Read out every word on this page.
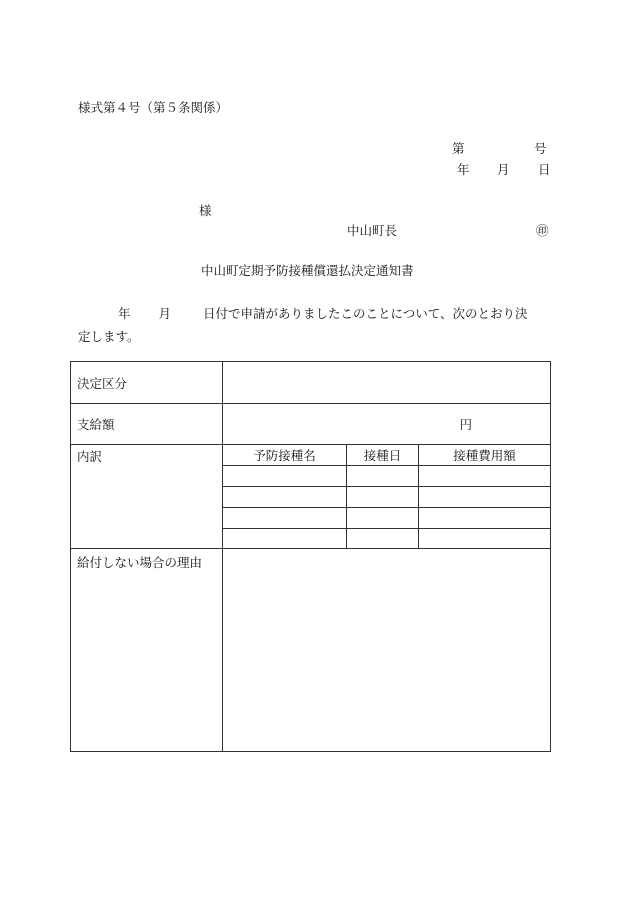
様式第４号（第５条関係）
第	号
年 月 日
様
中山町長	㊞
中山町定期予防接種償還払決定通知書
年 月	日付で申請がありましたこのことについて、次のとおり決
定します。
決定区分			
支給額	円		
内訳	予防接種名	接種日	接種費用額

給付しない場合の理由			
